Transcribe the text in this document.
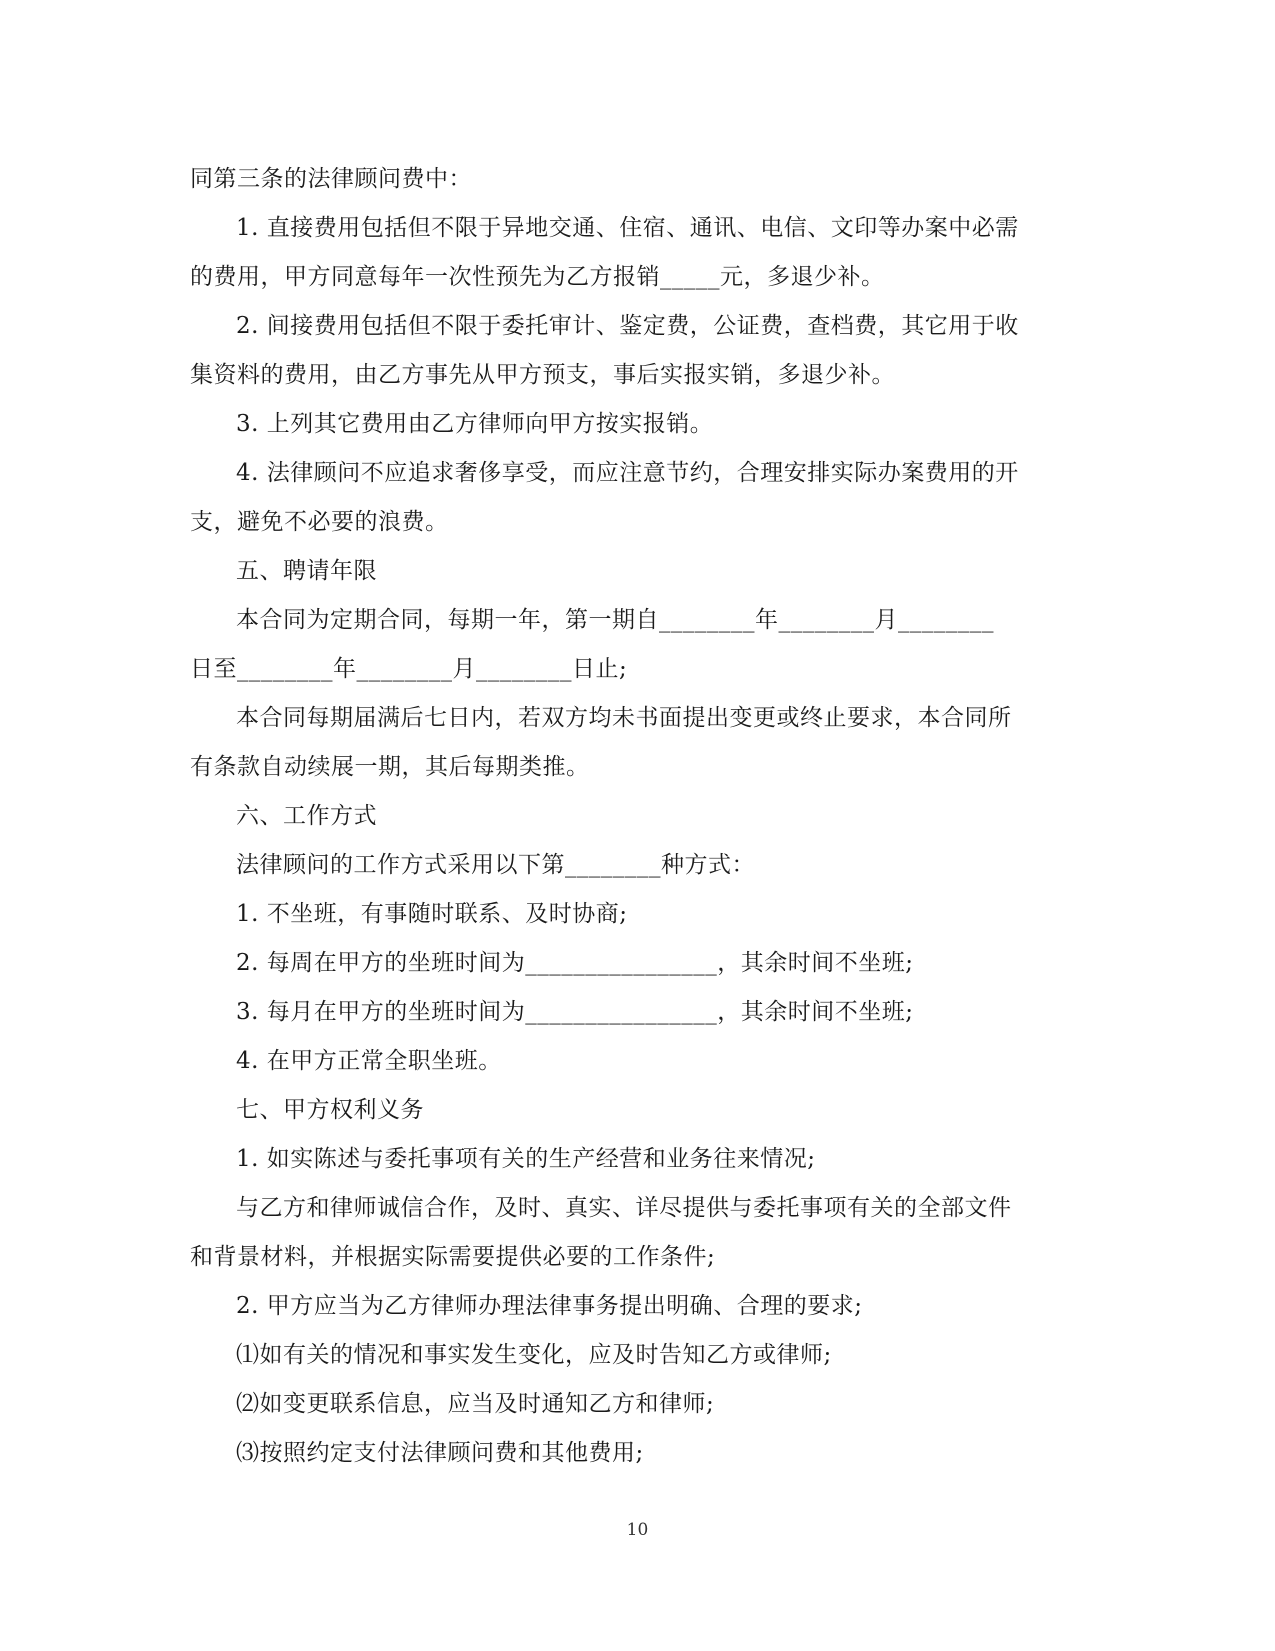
同第三条的法律顾问费中：
1. 直接费用包括但不限于异地交通、住宿、通讯、电信、文印等办案中必需
的费用，甲方同意每年一次性预先为乙方报销_____元，多退少补。
2. 间接费用包括但不限于委托审计、鉴定费，公证费，查档费，其它用于收
集资料的费用，由乙方事先从甲方预支，事后实报实销，多退少补。
3. 上列其它费用由乙方律师向甲方按实报销。
4. 法律顾问不应追求奢侈享受，而应注意节约，合理安排实际办案费用的开
支，避免不必要的浪费。
五、聘请年限
本合同为定期合同，每期一年，第一期自________年________月________
日至________年________月________日止;
本合同每期届满后七日内，若双方均未书面提出变更或终止要求，本合同所
有条款自动续展一期，其后每期类推。
六、工作方式
法律顾问的工作方式采用以下第________种方式：
1. 不坐班，有事随时联系、及时协商;
2. 每周在甲方的坐班时间为________________，其余时间不坐班;
3. 每月在甲方的坐班时间为________________，其余时间不坐班;
4. 在甲方正常全职坐班。
七、甲方权利义务
1. 如实陈述与委托事项有关的生产经营和业务往来情况;
与乙方和律师诚信合作，及时、真实、详尽提供与委托事项有关的全部文件
和背景材料，并根据实际需要提供必要的工作条件;
2. 甲方应当为乙方律师办理法律事务提出明确、合理的要求;
⑴如有关的情况和事实发生变化，应及时告知乙方或律师;
⑵如变更联系信息，应当及时通知乙方和律师;
⑶按照约定支付法律顾问费和其他费用;
10
